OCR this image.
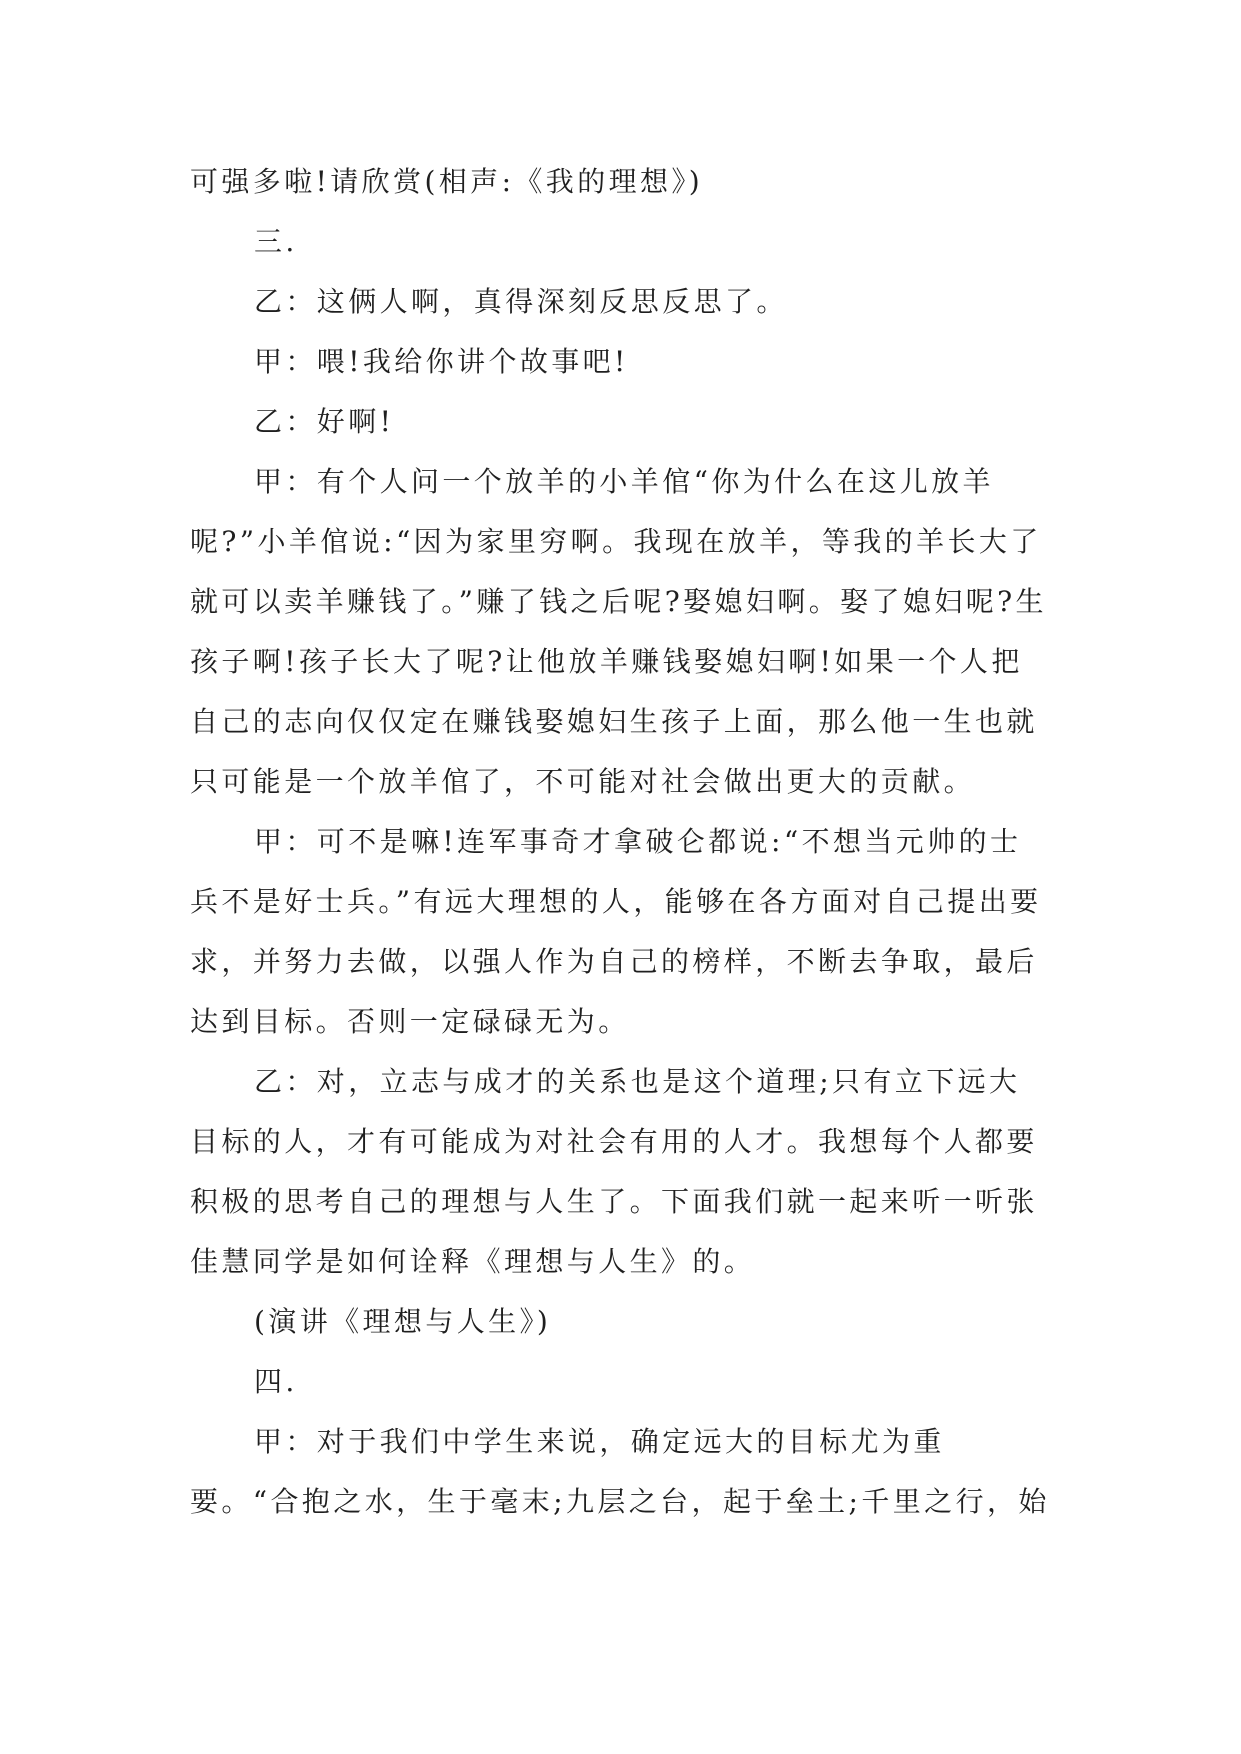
可强多啦!请欣赏(相声:《我的理想》)

三.

乙：这俩人啊，真得深刻反思反思了。

甲：喂!我给你讲个故事吧!

乙：好啊!

甲：有个人问一个放羊的小羊倌“你为什么在这儿放羊呢?”小羊倌说:“因为家里穷啊。我现在放羊，等我的羊长大了就可以卖羊赚钱了。”赚了钱之后呢?娶媳妇啊。娶了媳妇呢?生孩子啊!孩子长大了呢?让他放羊赚钱娶媳妇啊!如果一个人把自己的志向仅仅定在赚钱娶媳妇生孩子上面，那么他一生也就只可能是一个放羊倌了，不可能对社会做出更大的贡献。

甲：可不是嘛!连军事奇才拿破仑都说:“不想当元帅的士兵不是好士兵。”有远大理想的人，能够在各方面对自己提出要求，并努力去做，以强人作为自己的榜样，不断去争取，最后达到目标。否则一定碌碌无为。

乙：对，立志与成才的关系也是这个道理;只有立下远大目标的人，才有可能成为对社会有用的人才。我想每个人都要积极的思考自己的理想与人生了。下面我们就一起来听一听张佳慧同学是如何诠释《理想与人生》的。

(演讲《理想与人生》)

四.

甲：对于我们中学生来说，确定远大的目标尤为重要。“合抱之水，生于毫末;九层之台，起于垒土;千里之行，始
